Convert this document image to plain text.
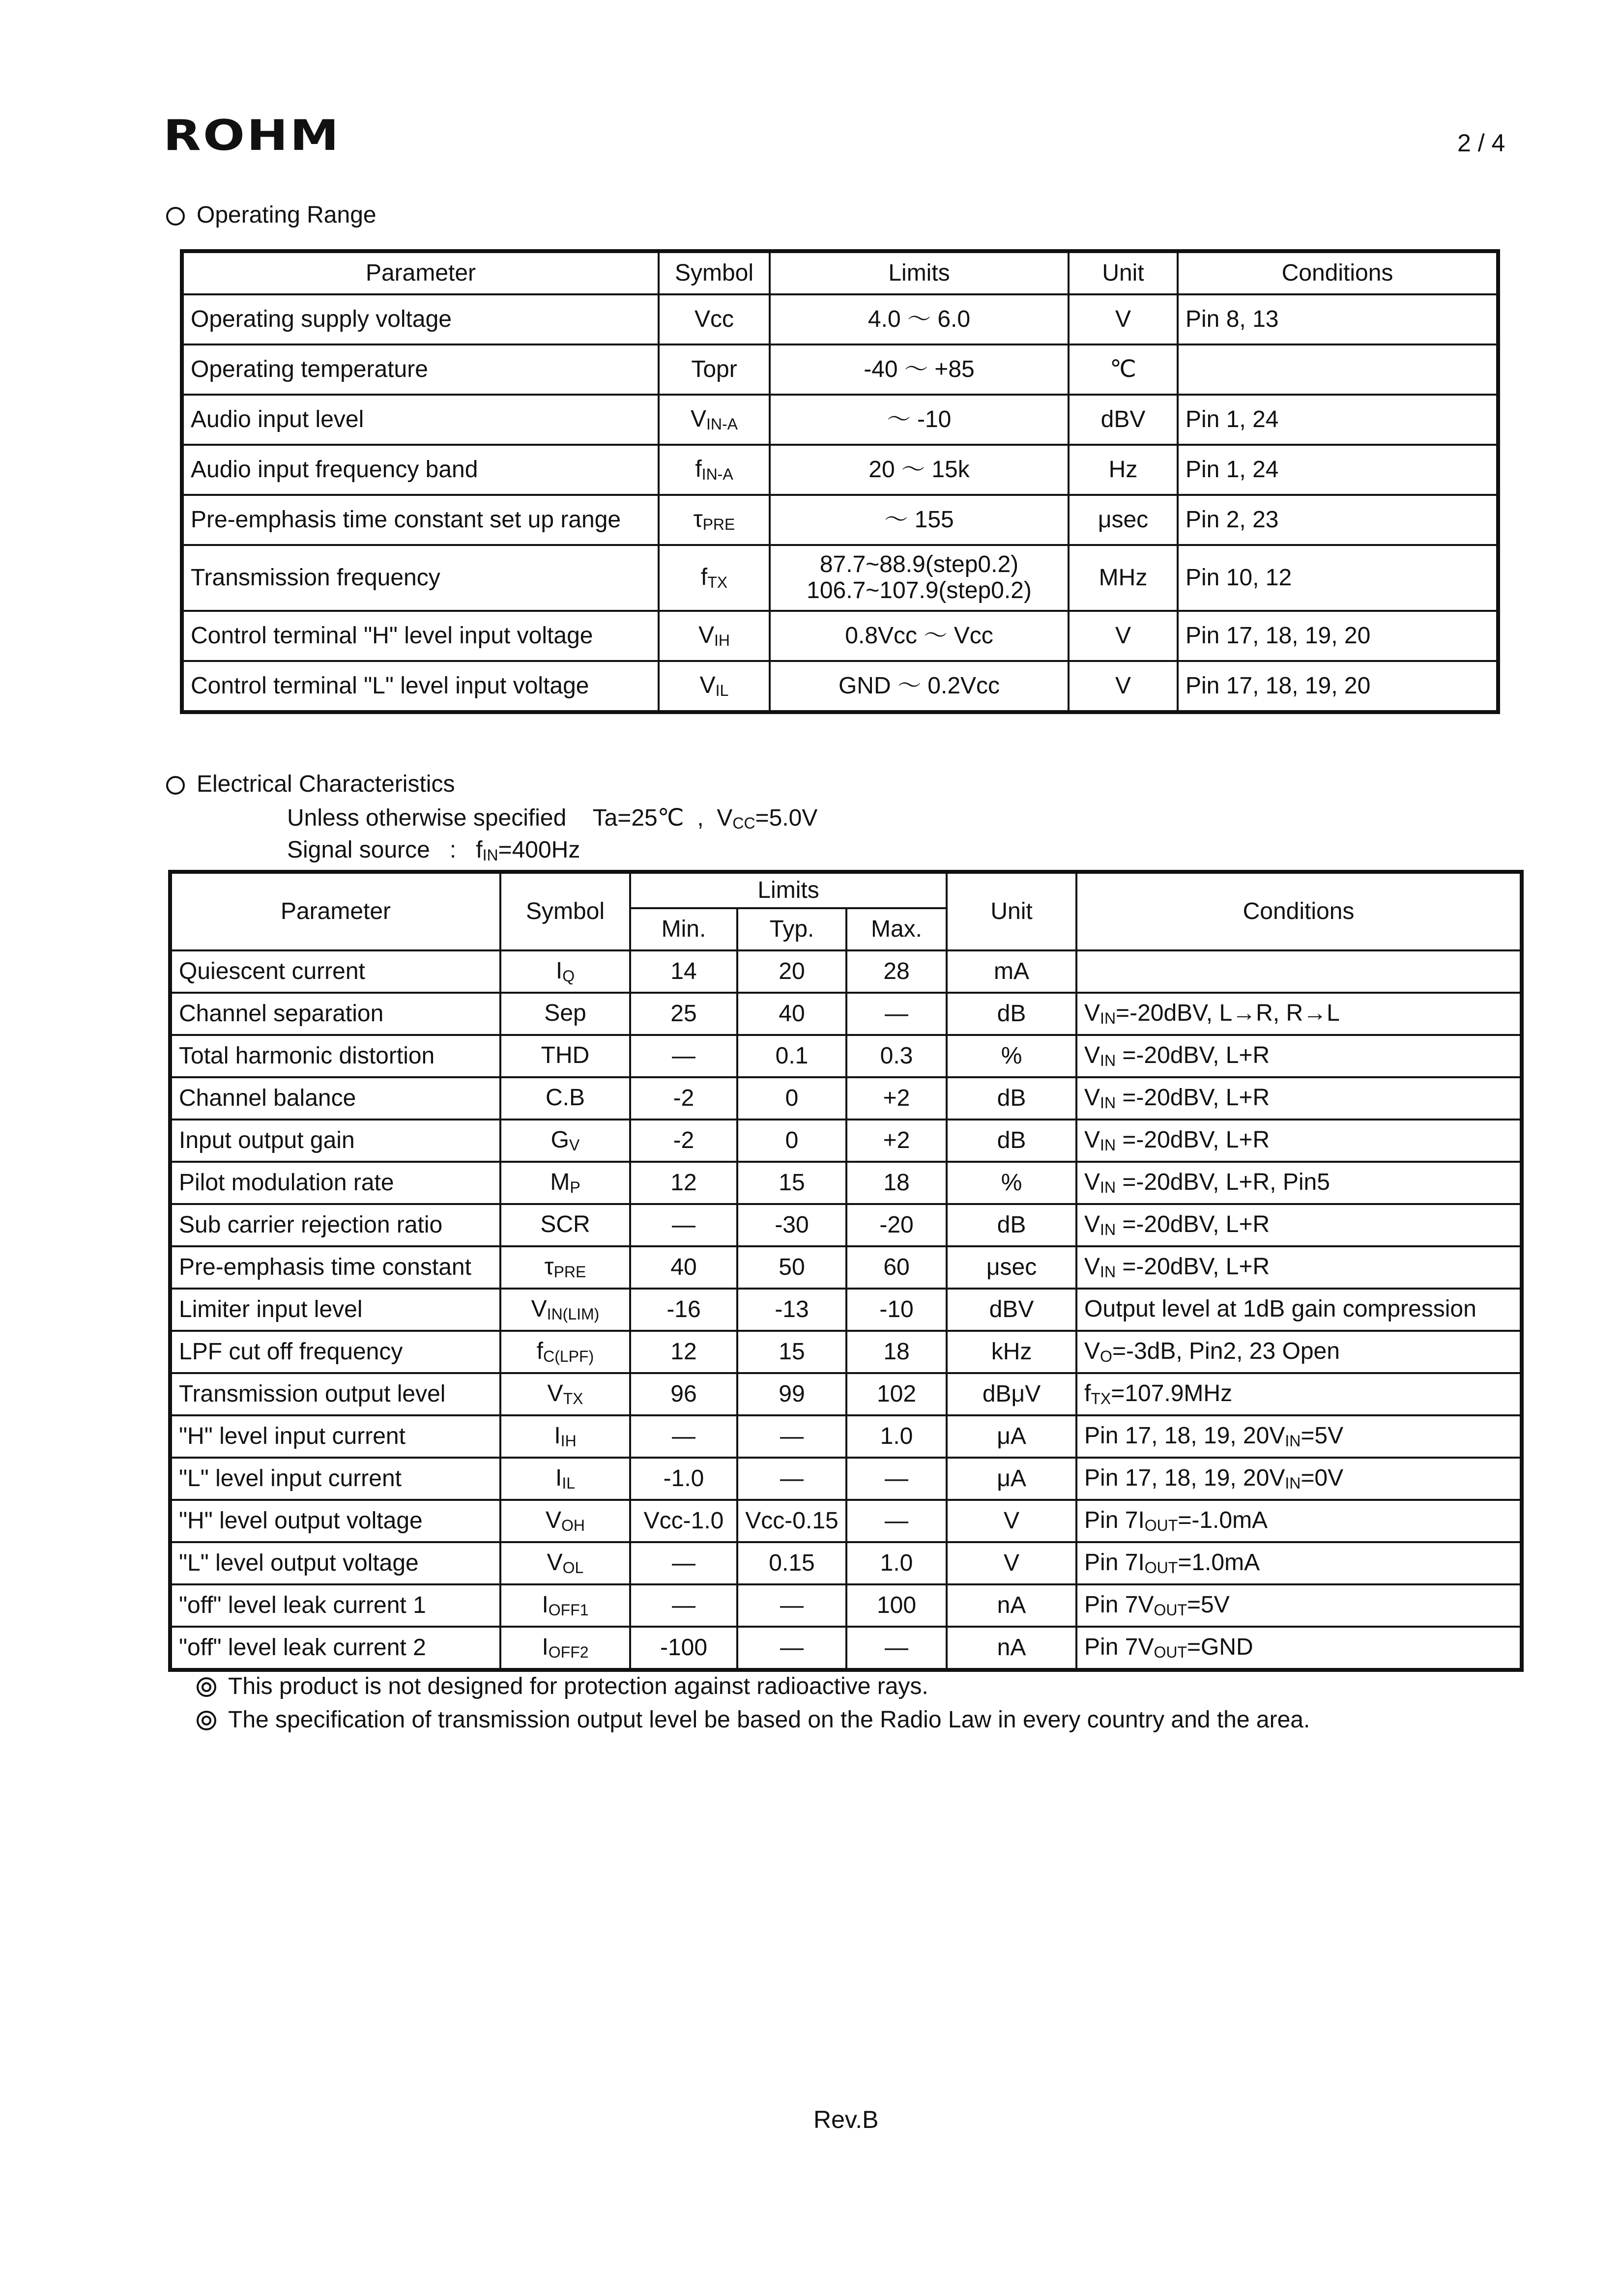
ROHM	2 / 4
Operating Range
Parameter	Symbol	Limits	Unit	Conditions
Operating supply voltage	Vcc	4.0 ～ 6.0	V	Pin 8, 13
Operating temperature	Topr	-40 ～ +85	℃	
Audio input level	$V_{IN-A}$	～ -10	dBV	Pin 1, 24
Audio input frequency band	$f_{IN-A}$	20 ～ 15k	Hz	Pin 1, 24
Pre-emphasis time constant set up range	$\tau_{PRE}$	～ 155	μsec	Pin 2, 23
Transmission frequency	$f_{TX}$	87.7~88.9(step0.2)
106.7~107.9(step0.2)	MHz	Pin 10, 12
Control terminal "H" level input voltage	$V_{IH}$	0.8Vcc ～ Vcc	V	Pin 17, 18, 19, 20
Control terminal "L" level input voltage	$V_{IL}$	GND ～ 0.2Vcc	V	Pin 17, 18, 19, 20
Electrical Characteristics
Unless otherwise specified Ta=25℃ , $V_{CC}=5.0V$
Signal source : $f_{IN}=400Hz$
Parameter	Symbol	Limits			Unit	Conditions
		Min.	Typ.	Max.		
Quiescent current	$I_Q$	14	20	28	mA	
Channel separation	Sep	25	40	—	dB	$V_{IN}=-20dBV$, L→R, R→L
Total harmonic distortion	THD	—	0.1	0.3	%	$V_{IN} =-20dBV$, L+R
Channel balance	C.B	-2	0	+2	dB	$V_{IN} =-20dBV$, L+R
Input output gain	$G_V$	-2	0	+2	dB	$V_{IN} =-20dBV$, L+R
Pilot modulation rate	$M_P$	12	15	18	%	$V_{IN} =-20dBV$, L+R, Pin5
Sub carrier rejection ratio	SCR	—	-30	-20	dB	$V_{IN} =-20dBV$, L+R
Pre-emphasis time constant	$\tau_{PRE}$	40	50	60	μsec	$V_{IN} =-20dBV$, L+R
Limiter input level	$V_{IN(LIM)}$	-16	-13	-10	dBV	Output level at 1dB gain compression
LPF cut off frequency	$f_{C(LPF)}$	12	15	18	kHz	$V_O=-3dB$, Pin2, 23 Open
Transmission output level	$V_{TX}$	96	99	102	dBμV	$f_{TX}=107.9MHz$
"H" level input current	$I_{IH}$	—	—	1.0	μA	Pin 17, 18, 19, $20V_{IN}=5V$
"L" level input current	$I_{IL}$	-1.0	—	—	μA	Pin 17, 18, 19, $20V_{IN}=0V$
"H" level output voltage	$V_{OH}$	Vcc-1.0	Vcc-0.15	—	V	Pin $7I_{OUT}=-1.0mA$
"L" level output voltage	$V_{OL}$	—	0.15	1.0	V	Pin $7I_{OUT}=1.0mA$
"off" level leak current 1	$I_{OFF1}$	—	—	100	nA	Pin $7V_{OUT}=5V$
"off" level leak current 2	$I_{OFF2}$	-100	—	—	nA	Pin $7V_{OUT}=GND$
This product is not designed for protection against radioactive rays.
The specification of transmission output level be based on the Radio Law in every country and the area.
Rev.B
